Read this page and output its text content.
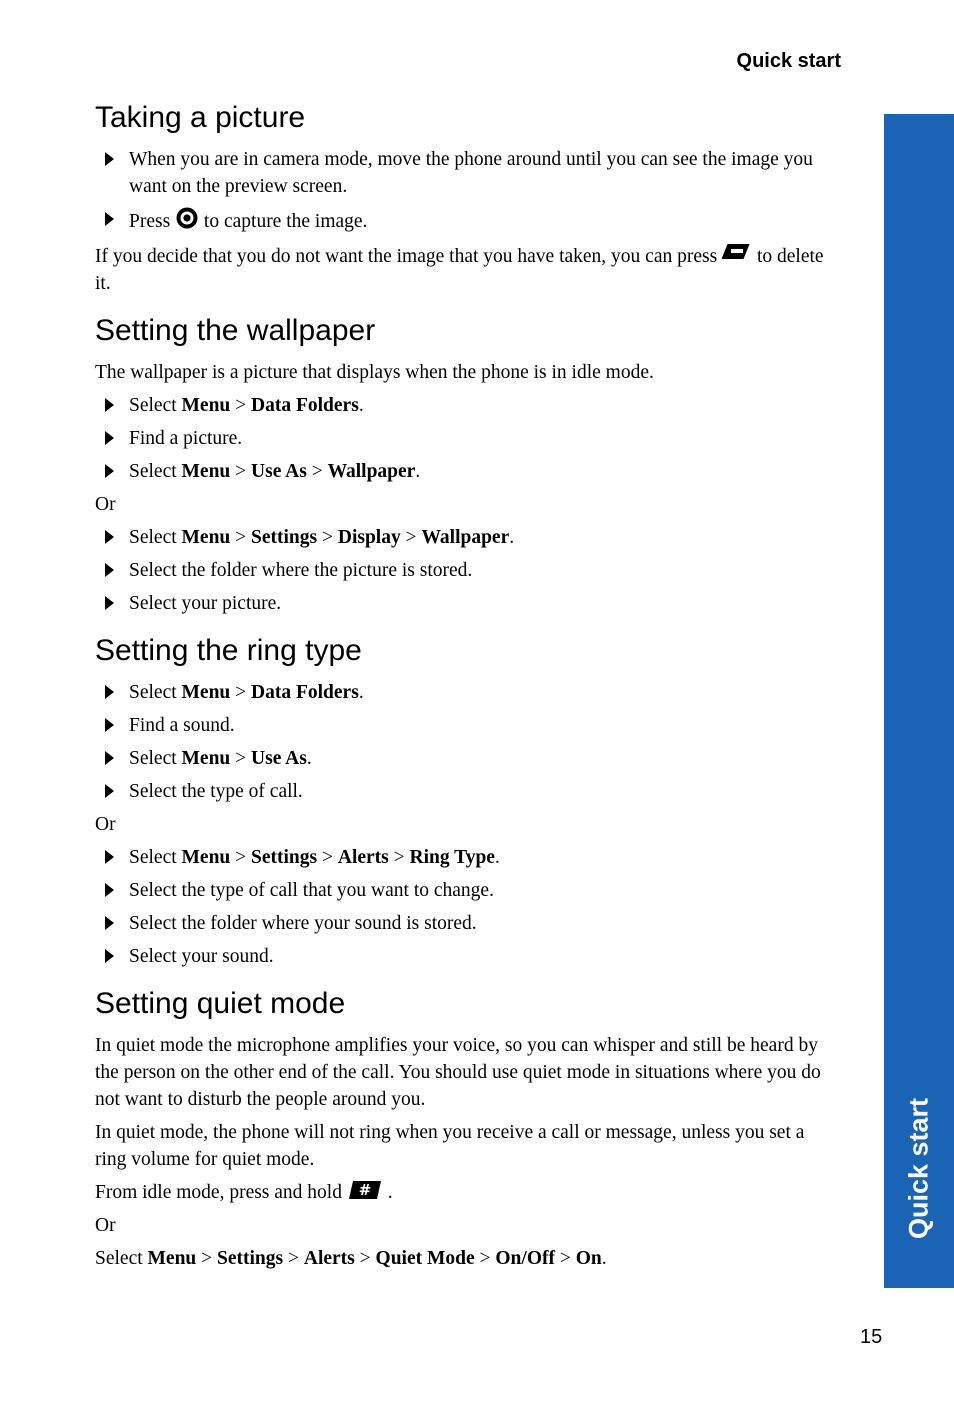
Quick start
Quick start
Taking a picture
When you are in camera mode, move the phone around until you can see the image you want on the preview screen.
Press to capture the image.

If you decide that you do not want the image that you have taken, you can press to delete it.

Setting the wallpaper

The wallpaper is a picture that displays when the phone is in idle mode.

Select Menu > Data Folders.
Find a picture.
Select Menu > Use As > Wallpaper.

Or

Select Menu > Settings > Display > Wallpaper.
Select the folder where the picture is stored.
Select your picture.
Setting the ring type
Select Menu > Data Folders.
Find a sound.
Select Menu > Use As.
Select the type of call.

Or

Select Menu > Settings > Alerts > Ring Type.
Select the type of call that you want to change.
Select the folder where your sound is stored.
Select your sound.
Setting quiet mode

In quiet mode the microphone amplifies your voice, so you can whisper and still be heard by the person on the other end of the call. You should use quiet mode in situations where you do not want to disturb the people around you.

In quiet mode, the phone will not ring when you receive a call or message, unless you set a ring volume for quiet mode.

From idle mode, press and hold # .

Or

Select Menu > Settings > Alerts > Quiet Mode > On/Off > On.

15
